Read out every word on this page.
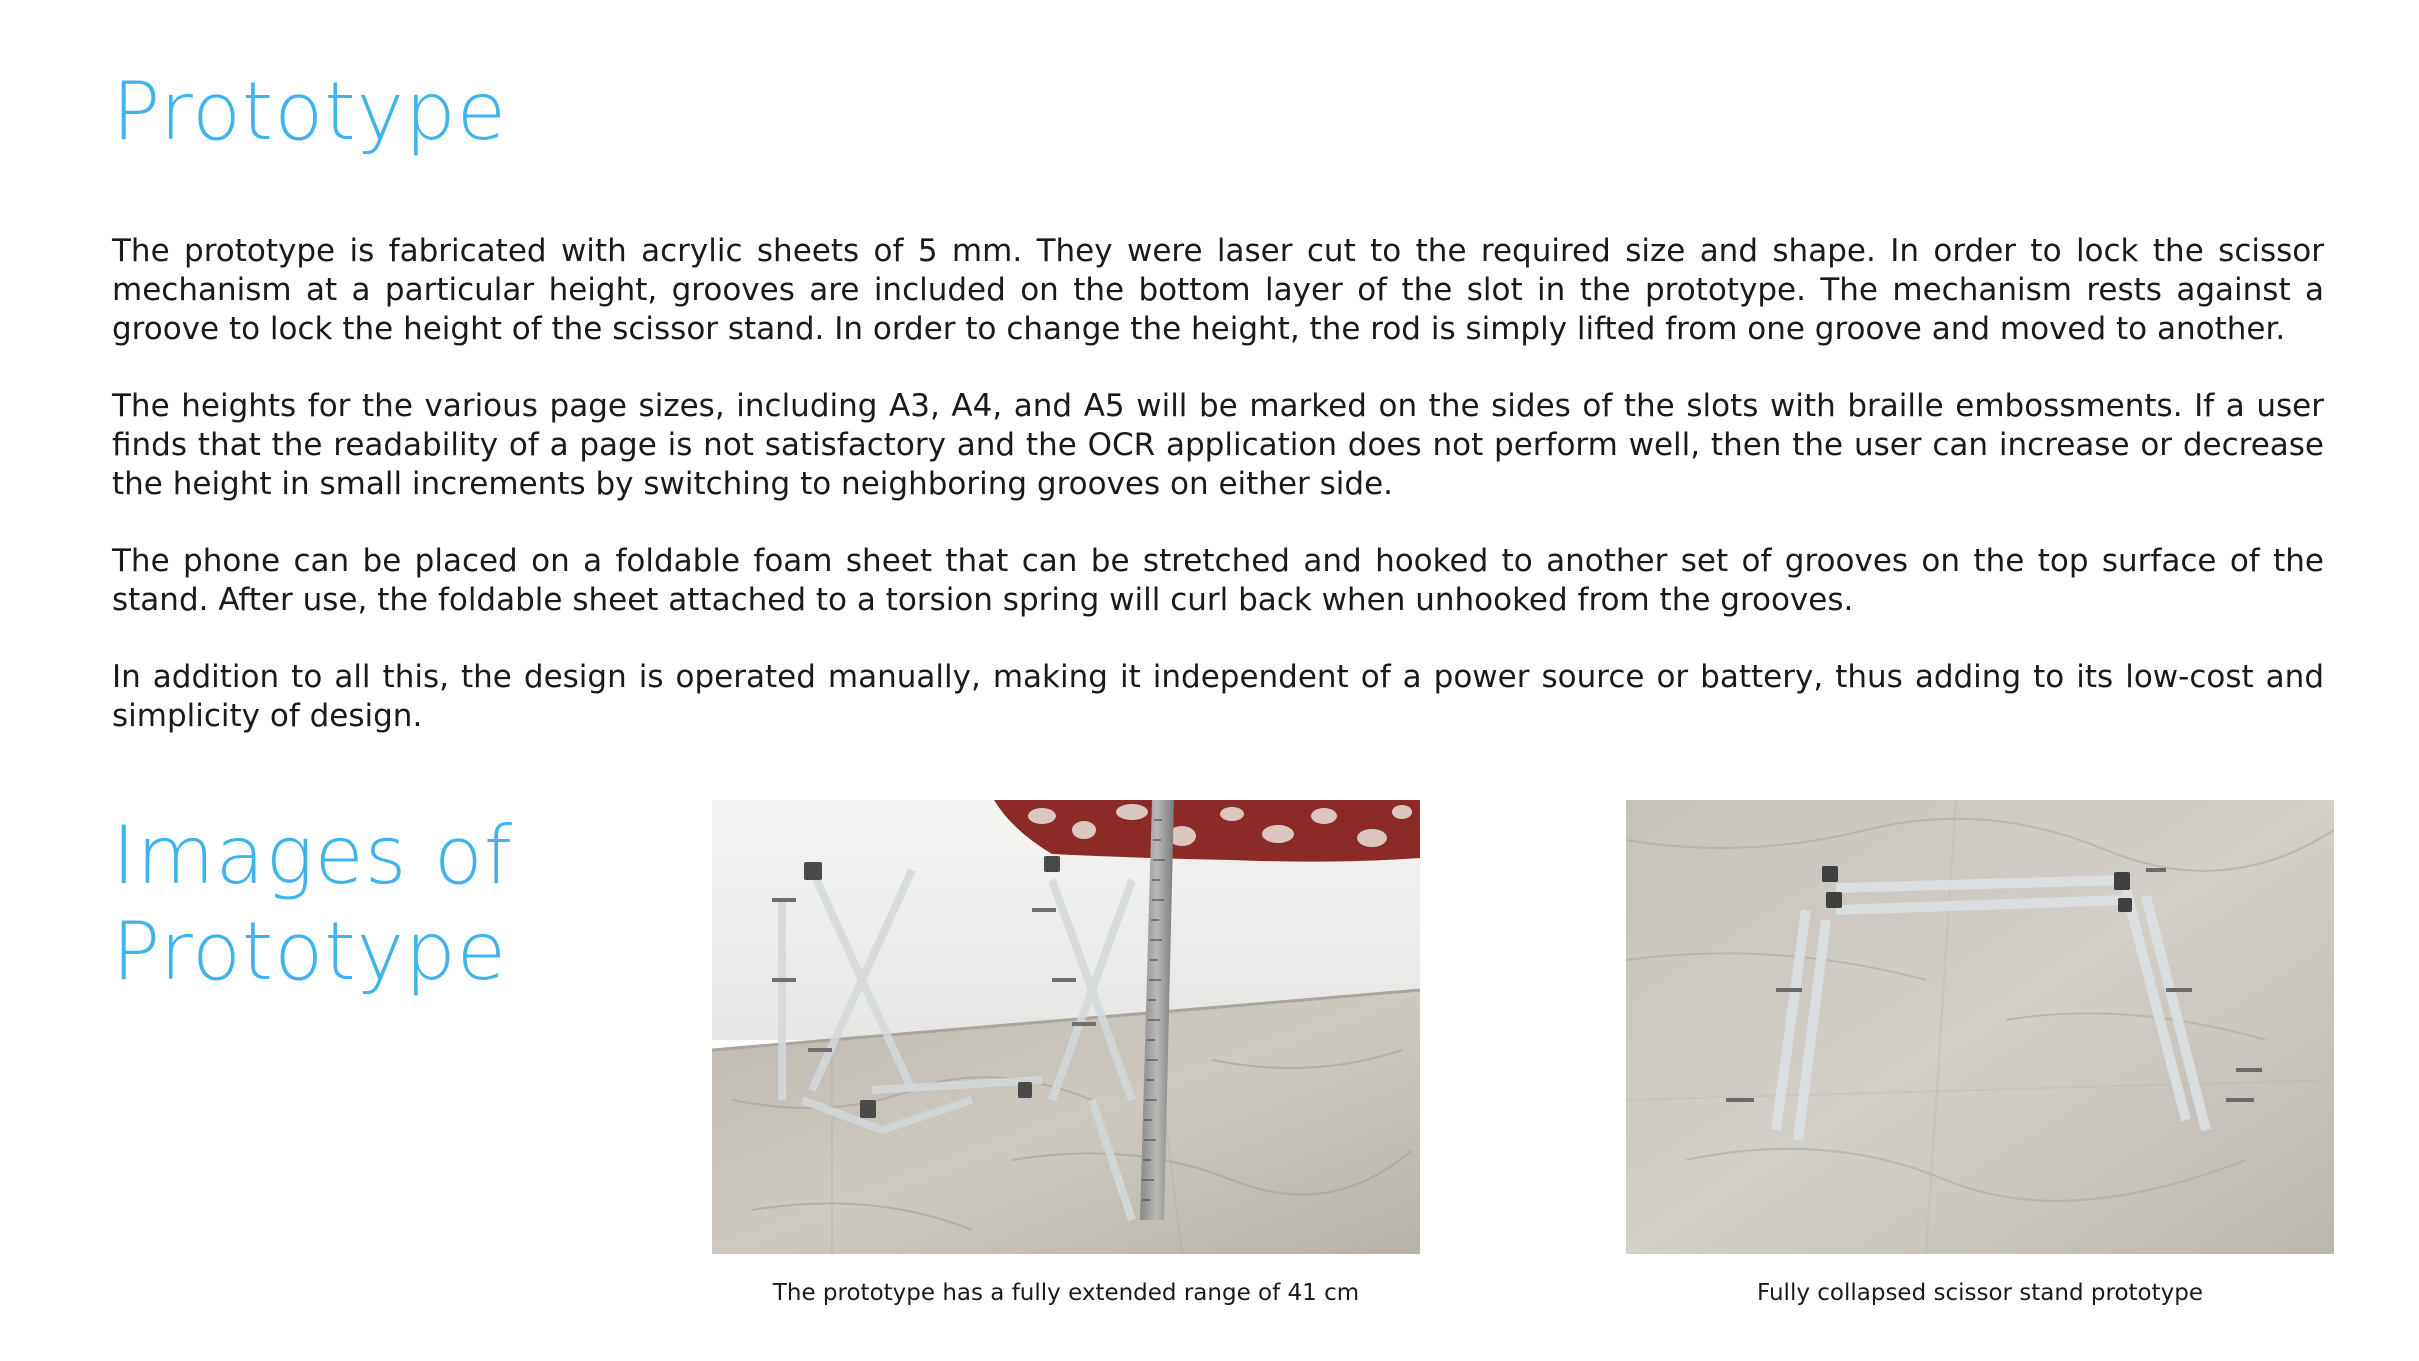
Prototype

The prototype is fabricated with acrylic sheets of 5 mm. They were laser cut to the required size and shape. In order to lock the scissor mechanism at a particular height, grooves are included on the bottom layer of the slot in the prototype. The mechanism rests against a groove to lock the height of the scissor stand. In order to change the height, the rod is simply lifted from one groove and moved to another.

The heights for the various page sizes, including A3, A4, and A5 will be marked on the sides of the slots with braille embossments. If a user finds that the readability of a page is not satisfactory and the OCR application does not perform well, then the user can increase or decrease the height in small increments by switching to neighboring grooves on either side.

The phone can be placed on a foldable foam sheet that can be stretched and hooked to another set of grooves on the top surface of the stand. After use, the foldable sheet attached to a torsion spring will curl back when unhooked from the grooves.

In addition to all this, the design is operated manually, making it independent of a power source or battery, thus adding to its low-cost and simplicity of design.

Images of Prototype
The prototype has a fully extended range of 41 cm	Fully collapsed scissor stand prototype
